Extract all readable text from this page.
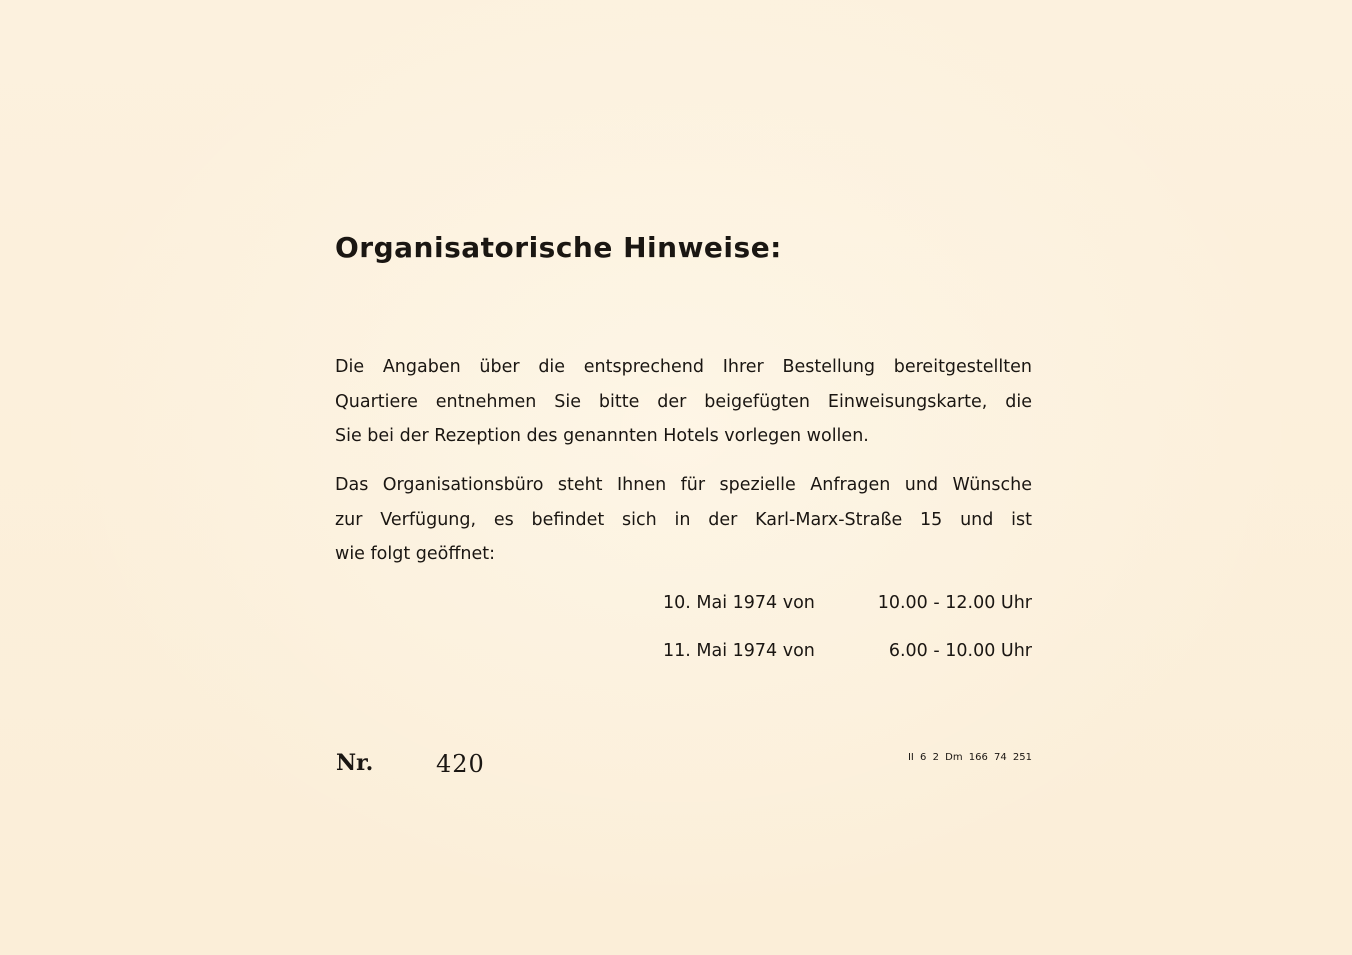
Organisatorische Hinweise:
Die Angaben über die entsprechend Ihrer Bestellung bereitgestellten
Quartiere entnehmen Sie bitte der beigefügten Einweisungskarte, die
Sie bei der Rezeption des genannten Hotels vorlegen wollen.
Das Organisationsbüro steht Ihnen für spezielle Anfragen und Wünsche
zur Verfügung, es befindet sich in der Karl-Marx-Straße 15 und ist
wie folgt geöffnet:
10. Mai 1974 von	10.00 - 12.00 Uhr
11. Mai 1974 von	6.00 - 10.00 Uhr
Nr.	420	II 6 2 Dm 166 74 251
